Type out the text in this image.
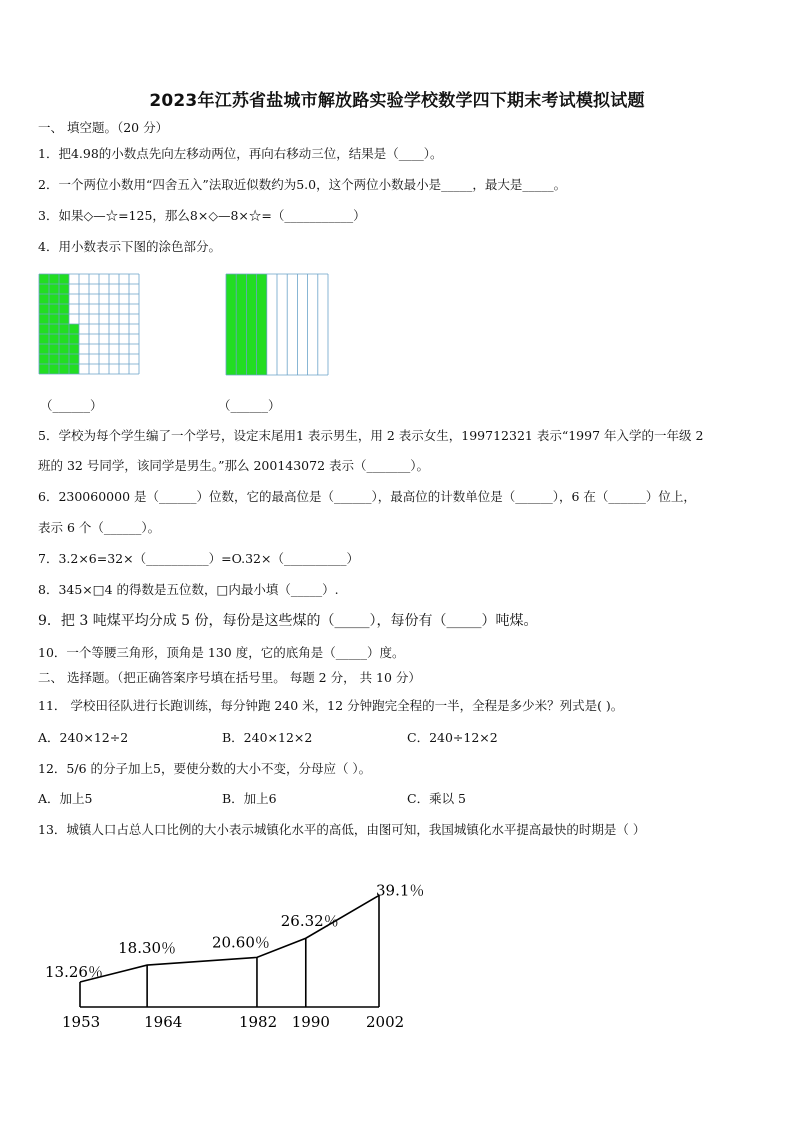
2023年江苏省盐城市解放路实验学校数学四下期末考试模拟试题
一、 填空题。（20 分）
1．把4.98的小数点先向左移动两位，再向右移动三位，结果是（____）。
2．一个两位小数用“四舍五入”法取近似数约为5.0，这个两位小数最小是_____，最大是_____。
3．如果◇—☆=125，那么8×◇—8×☆=（___________）
4．用小数表示下图的涂色部分。
（______）	（______）
5．学校为每个学生编了一个学号，设定末尾用1 表示男生，用 2 表示女生，199712321 表示“1997 年入学的一年级 2
班的 32 号同学，该同学是男生。”那么 200143072 表示（_______）。
6．230060000 是（______）位数，它的最高位是（______），最高位的计数单位是（______），6 在（______）位上，
表示 6 个（______）。
7．3.2×6=32×（__________）=O.32×（__________）
8．345×□4 的得数是五位数，□内最小填（_____）.
9．把 3 吨煤平均分成 5 份，每份是这些煤的（_____），每份有（_____）吨煤。
10．一个等腰三角形，顶角是 130 度，它的底角是（_____）度。
二、 选择题。（把正确答案序号填在括号里。 每题 2 分， 共 10 分）
11． 学校田径队进行长跑训练，每分钟跑 240 米，12 分钟跑完全程的一半，全程是多少米？列式是( )。
A．240×12÷2	B．240×12×2	C．240÷12×2
12．5/6 的分子加上5，要使分数的大小不变，分母应（ ）。
A．加上5	B．加上6	C．乘以 5
13．城镇人口占总人口比例的大小表示城镇化水平的高低，由图可知，我国城镇化水平提高最快的时期是（ ）
13.26％
18.30％ 20.60％
26.32％
39.1％
1953	1964	1982 1990 2002
